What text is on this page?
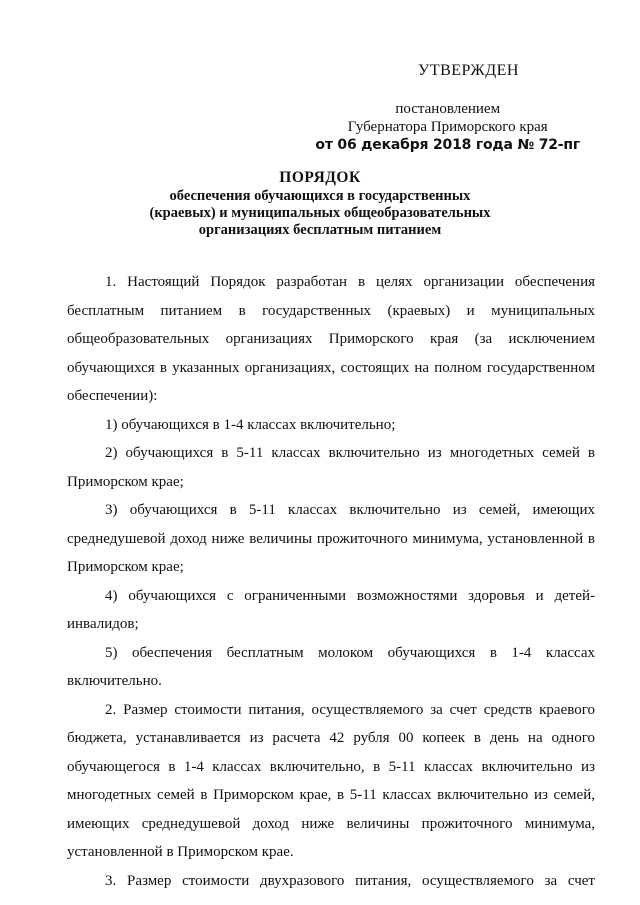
УТВЕРЖДЕН
постановлением
Губернатора Приморского края
от 06 декабря 2018 года № 72-пг
ПОРЯДОК
обеспечения обучающихся в государственных
(краевых) и муниципальных общеобразовательных
организациях бесплатным питанием

1. Настоящий Порядок разработан в целях организации обеспечения бесплатным питанием в государственных (краевых) и муниципальных общеобразовательных организациях Приморского края (за исключением обучающихся в указанных организациях, состоящих на полном государственном обеспечении):

1) обучающихся в 1-4 классах включительно;

2) обучающихся в 5-11 классах включительно из многодетных семей в Приморском крае;

3) обучающихся в 5-11 классах включительно из семей, имеющих среднедушевой доход ниже величины прожиточного минимума, установленной в Приморском крае;

4) обучающихся с ограниченными возможностями здоровья и детей-инвалидов;

5) обеспечения бесплатным молоком обучающихся в 1-4 классах включительно.

2. Размер стоимости питания, осуществляемого за счет средств краевого бюджета, устанавливается из расчета 42 рубля 00 копеек в день на одного обучающегося в 1-4 классах включительно, в 5-11 классах включительно из многодетных семей в Приморском крае, в 5-11 классах включительно из семей, имеющих среднедушевой доход ниже величины прожиточного минимума, установленной в Приморском крае.

3. Размер стоимости двухразового питания, осуществляемого за счет
